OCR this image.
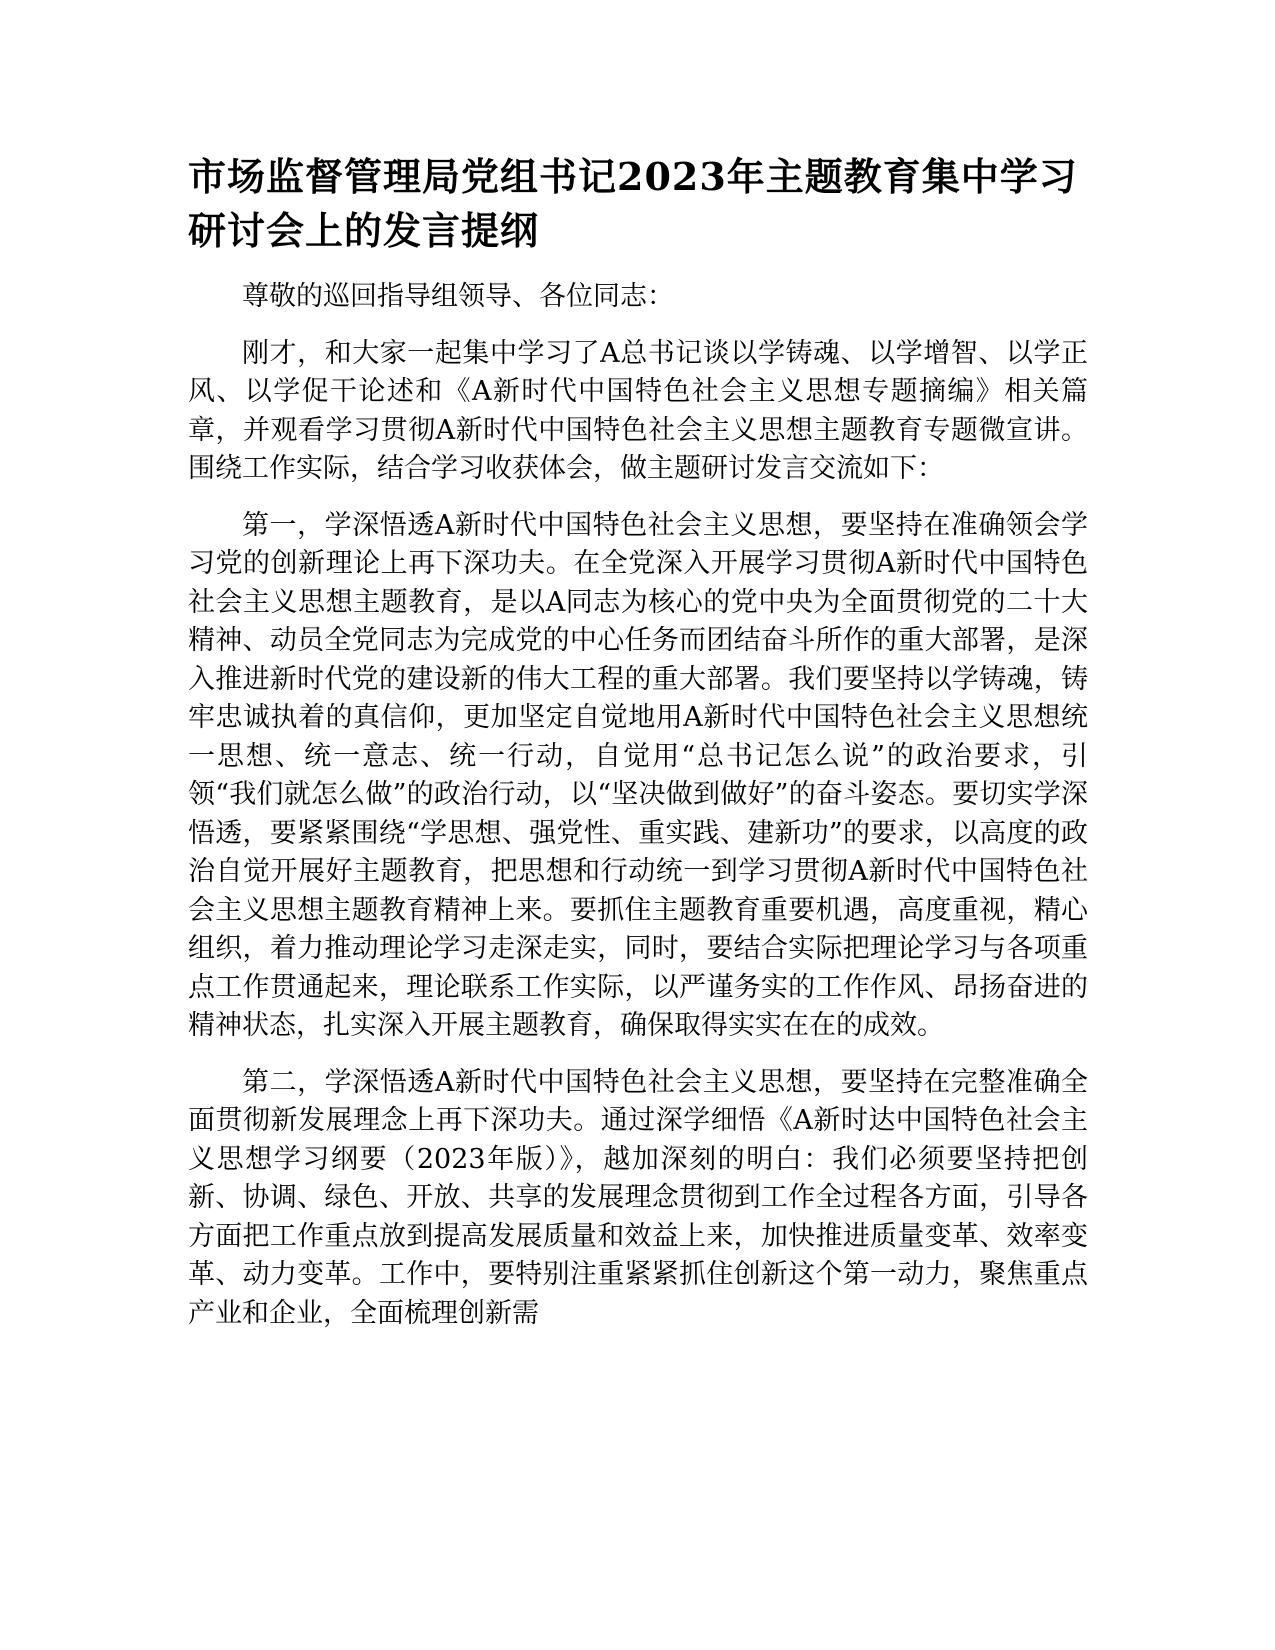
市场监督管理局党组书记2023年主题教育集中学习研讨会上的发言提纲

尊敬的巡回指导组领导、各位同志：

刚才，和大家一起集中学习了A总书记谈以学铸魂、以学增智、以学正风、以学促干论述和《A新时代中国特色社会主义思想专题摘编》相关篇章，并观看学习贯彻A新时代中国特色社会主义思想主题教育专题微宣讲。围绕工作实际，结合学习收获体会，做主题研讨发言交流如下：

第一，学深悟透A新时代中国特色社会主义思想，要坚持在准确领会学习党的创新理论上再下深功夫。在全党深入开展学习贯彻A新时代中国特色社会主义思想主题教育，是以A同志为核心的党中央为全面贯彻党的二十大精神、动员全党同志为完成党的中心任务而团结奋斗所作的重大部署，是深入推进新时代党的建设新的伟大工程的重大部署。我们要坚持以学铸魂，铸牢忠诚执着的真信仰，更加坚定自觉地用A新时代中国特色社会主义思想统一思想、统一意志、统一行动，自觉用“总书记怎么说”的政治要求，引领“我们就怎么做”的政治行动，以“坚决做到做好”的奋斗姿态。要切实学深悟透，要紧紧围绕“学思想、强党性、重实践、建新功”的要求，以高度的政治自觉开展好主题教育，把思想和行动统一到学习贯彻A新时代中国特色社会主义思想主题教育精神上来。要抓住主题教育重要机遇，高度重视，精心组织，着力推动理论学习走深走实，同时，要结合实际把理论学习与各项重点工作贯通起来，理论联系工作实际，以严谨务实的工作作风、昂扬奋进的精神状态，扎实深入开展主题教育，确保取得实实在在的成效。

第二，学深悟透A新时代中国特色社会主义思想，要坚持在完整准确全面贯彻新发展理念上再下深功夫。通过深学细悟《A新时达中国特色社会主义思想学习纲要（2023年版）》，越加深刻的明白：我们必须要坚持把创新、协调、绿色、开放、共享的发展理念贯彻到工作全过程各方面，引导各方面把工作重点放到提高发展质量和效益上来，加快推进质量变革、效率变革、动力变革。工作中，要特别注重紧紧抓住创新这个第一动力，聚焦重点产业和企业，全面梳理创新需
